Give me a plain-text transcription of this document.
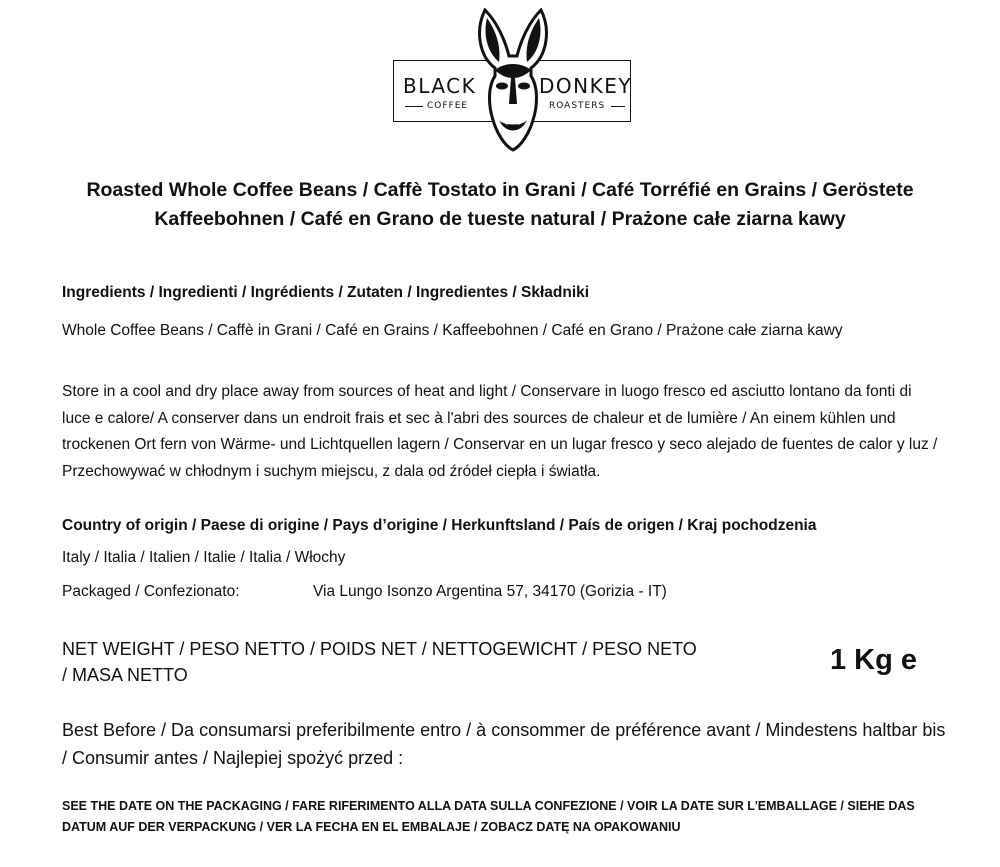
BLACK	DONKEY
COFFEE	ROASTERS
Roasted Whole Coffee Beans / Caffè Tostato in Grani / Café Torréfié en Grains / Geröstete Kaffeebohnen / Café en Grano de tueste natural / Prażone całe ziarna kawy
Ingredients / Ingredienti / Ingrédients / Zutaten / Ingredientes / Składniki
Whole Coffee Beans / Caffè in Grani / Café en Grains / Kaffeebohnen / Café en Grano / Prażone całe ziarna kawy
Store in a cool and dry place away from sources of heat and light / Conservare in luogo fresco ed asciutto lontano da fonti di luce e calore/ A conserver dans un endroit frais et sec à l'abri des sources de chaleur et de lumière / An einem kühlen und trockenen Ort fern von Wärme- und Lichtquellen lagern / Conservar en un lugar fresco y seco alejado de fuentes de calor y luz / Przechowywać w chłodnym i suchym miejscu, z dala od źródeł ciepła i światła.
Country of origin / Paese di origine / Pays d’origine / Herkunftsland / País de origen / Kraj pochodzenia
Italy / Italia / Italien / Italie / Italia / Włochy
Packaged / Confezionato:	Via Lungo Isonzo Argentina 57, 34170 (Gorizia - IT)
NET WEIGHT / PESO NETTO / POIDS NET / NETTOGEWICHT / PESO NETO / MASA NETTO	1 Kg e
Best Before / Da consumarsi preferibilmente entro / à consommer de préférence avant / Mindestens haltbar bis / Consumir antes / Najlepiej spożyć przed :
SEE THE DATE ON THE PACKAGING / FARE RIFERIMENTO ALLA DATA SULLA CONFEZIONE / VOIR LA DATE SUR L'EMBALLAGE / SIEHE DAS DATUM AUF DER VERPACKUNG / VER LA FECHA EN EL EMBALAJE / ZOBACZ DATĘ NA OPAKOWANIU
